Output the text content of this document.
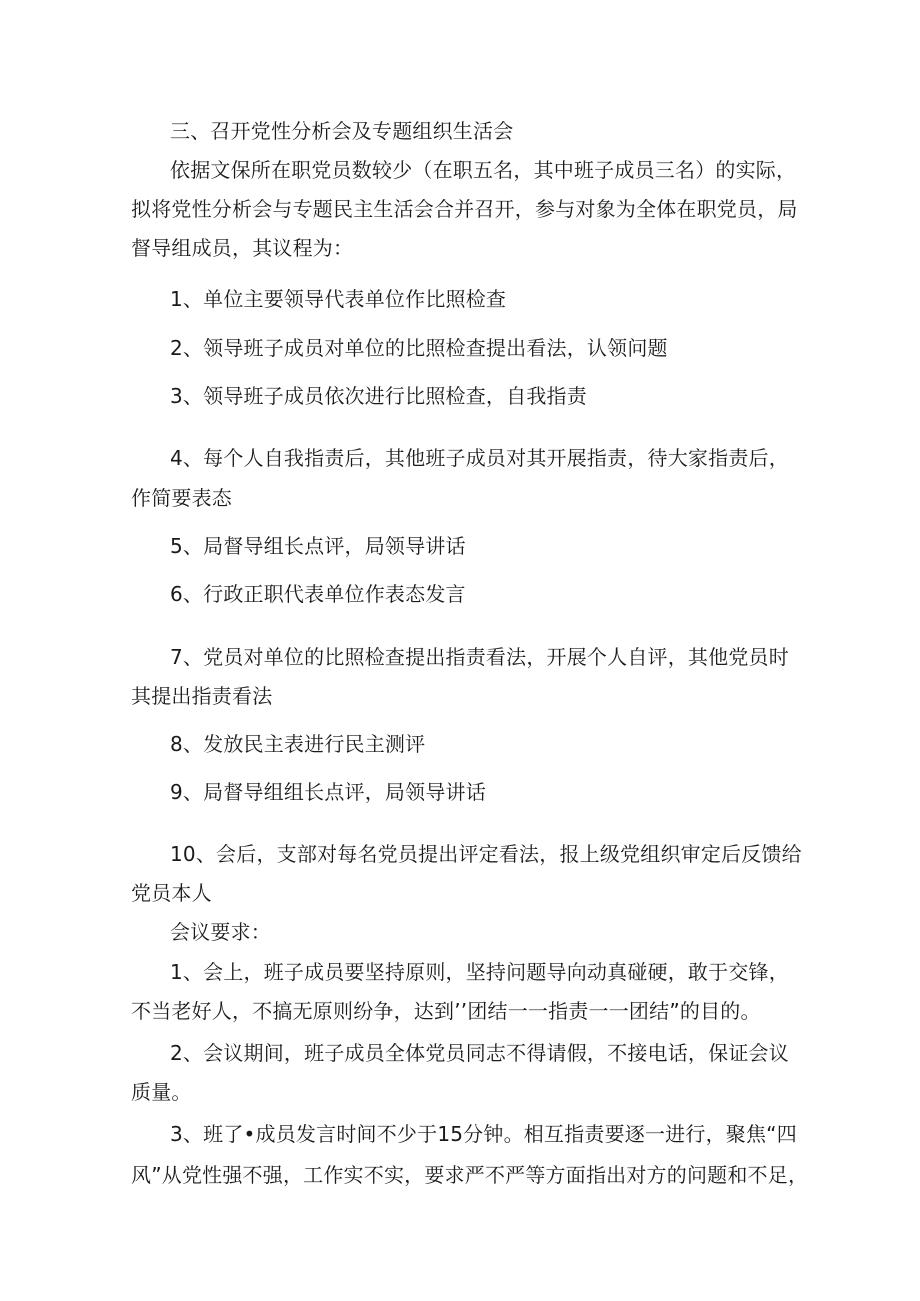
三、召开党性分析会及专题组织生活会
依据文保所在职党员数较少（在职五名，其中班子成员三名）的实际，
拟将党性分析会与专题民主生活会合并召开，参与对象为全体在职党员，局
督导组成员，其议程为：
1、单位主要领导代表单位作比照检查
2、领导班子成员对单位的比照检查提出看法，认领问题
3、领导班子成员依次进行比照检查，自我指责
4、每个人自我指责后，其他班子成员对其开展指责，待大家指责后，
作简要表态
5、局督导组长点评，局领导讲话
6、行政正职代表单位作表态发言
7、党员对单位的比照检查提出指责看法，开展个人自评，其他党员时
其提出指责看法
8、发放民主表进行民主测评
9、局督导组组长点评，局领导讲话
10、会后，支部对每名党员提出评定看法，报上级党组织审定后反馈给
党员本人
会议要求：
1、会上，班子成员要坚持原则，坚持问题导向动真碰硬，敢于交锋，
不当老好人，不搞无原则纷争，达到’’团结一一指责一一团结”的目的。
2、会议期间，班子成员全体党员同志不得请假，不接电话，保证会议
质量。
3、班了•成员发言时间不少于15分钟。相互指责要逐一进行，聚焦“四
风”从党性强不强，工作实不实，要求严不严等方面指出对方的问题和不足，
